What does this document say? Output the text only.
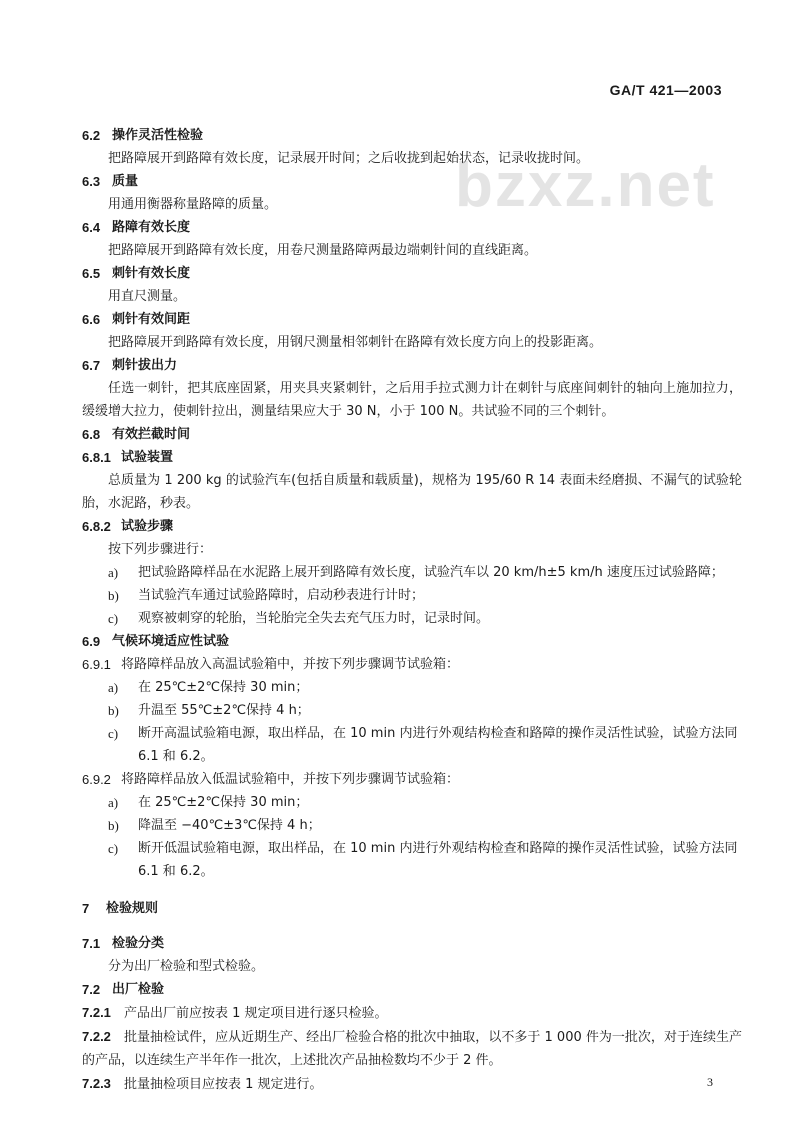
bzxz.net
GA/T 421—2003
6.2 操作灵活性检验
把路障展开到路障有效长度，记录展开时间；之后收拢到起始状态，记录收拢时间。
6.3 质量
用通用衡器称量路障的质量。
6.4 路障有效长度
把路障展开到路障有效长度，用卷尺测量路障两最边端刺针间的直线距离。
6.5 刺针有效长度
用直尺测量。
6.6 刺针有效间距
把路障展开到路障有效长度，用钢尺测量相邻刺针在路障有效长度方向上的投影距离。
6.7 刺针拔出力
任选一刺针，把其底座固紧，用夹具夹紧刺针，之后用手拉式测力计在刺针与底座间刺针的轴向上施加拉力，缓缓增大拉力，使刺针拉出，测量结果应大于 30 N，小于 100 N。共试验不同的三个刺针。
6.8 有效拦截时间
6.8.1 试验装置
总质量为 1 200 kg 的试验汽车(包括自质量和载质量)，规格为 195/60 R 14 表面未经磨损、不漏气的试验轮胎，水泥路，秒表。
6.8.2 试验步骤
按下列步骤进行：
a)	把试验路障样品在水泥路上展开到路障有效长度，试验汽车以 20 km/h±5 km/h 速度压过试验路障；
b)	当试验汽车通过试验路障时，启动秒表进行计时；
c)	观察被刺穿的轮胎，当轮胎完全失去充气压力时，记录时间。
6.9 气候环境适应性试验
6.9.1 将路障样品放入高温试验箱中，并按下列步骤调节试验箱：
a)	在 25℃±2℃保持 30 min；
b)	升温至 55℃±2℃保持 4 h；
c)	断开高温试验箱电源，取出样品，在 10 min 内进行外观结构检查和路障的操作灵活性试验，试验方法同 6.1 和 6.2。
6.9.2 将路障样品放入低温试验箱中，并按下列步骤调节试验箱：
a)	在 25℃±2℃保持 30 min；
b)	降温至 −40℃±3℃保持 4 h；
c)	断开低温试验箱电源，取出样品，在 10 min 内进行外观结构检查和路障的操作灵活性试验，试验方法同 6.1 和 6.2。
7	检验规则
7.1 检验分类
分为出厂检验和型式检验。
7.2 出厂检验
7.2.1 产品出厂前应按表 1 规定项目进行逐只检验。
7.2.2 批量抽检试件，应从近期生产、经出厂检验合格的批次中抽取，以不多于 1 000 件为一批次，对于连续生产的产品，以连续生产半年作一批次，上述批次产品抽检数均不少于 2 件。
7.2.3 批量抽检项目应按表 1 规定进行。	3
